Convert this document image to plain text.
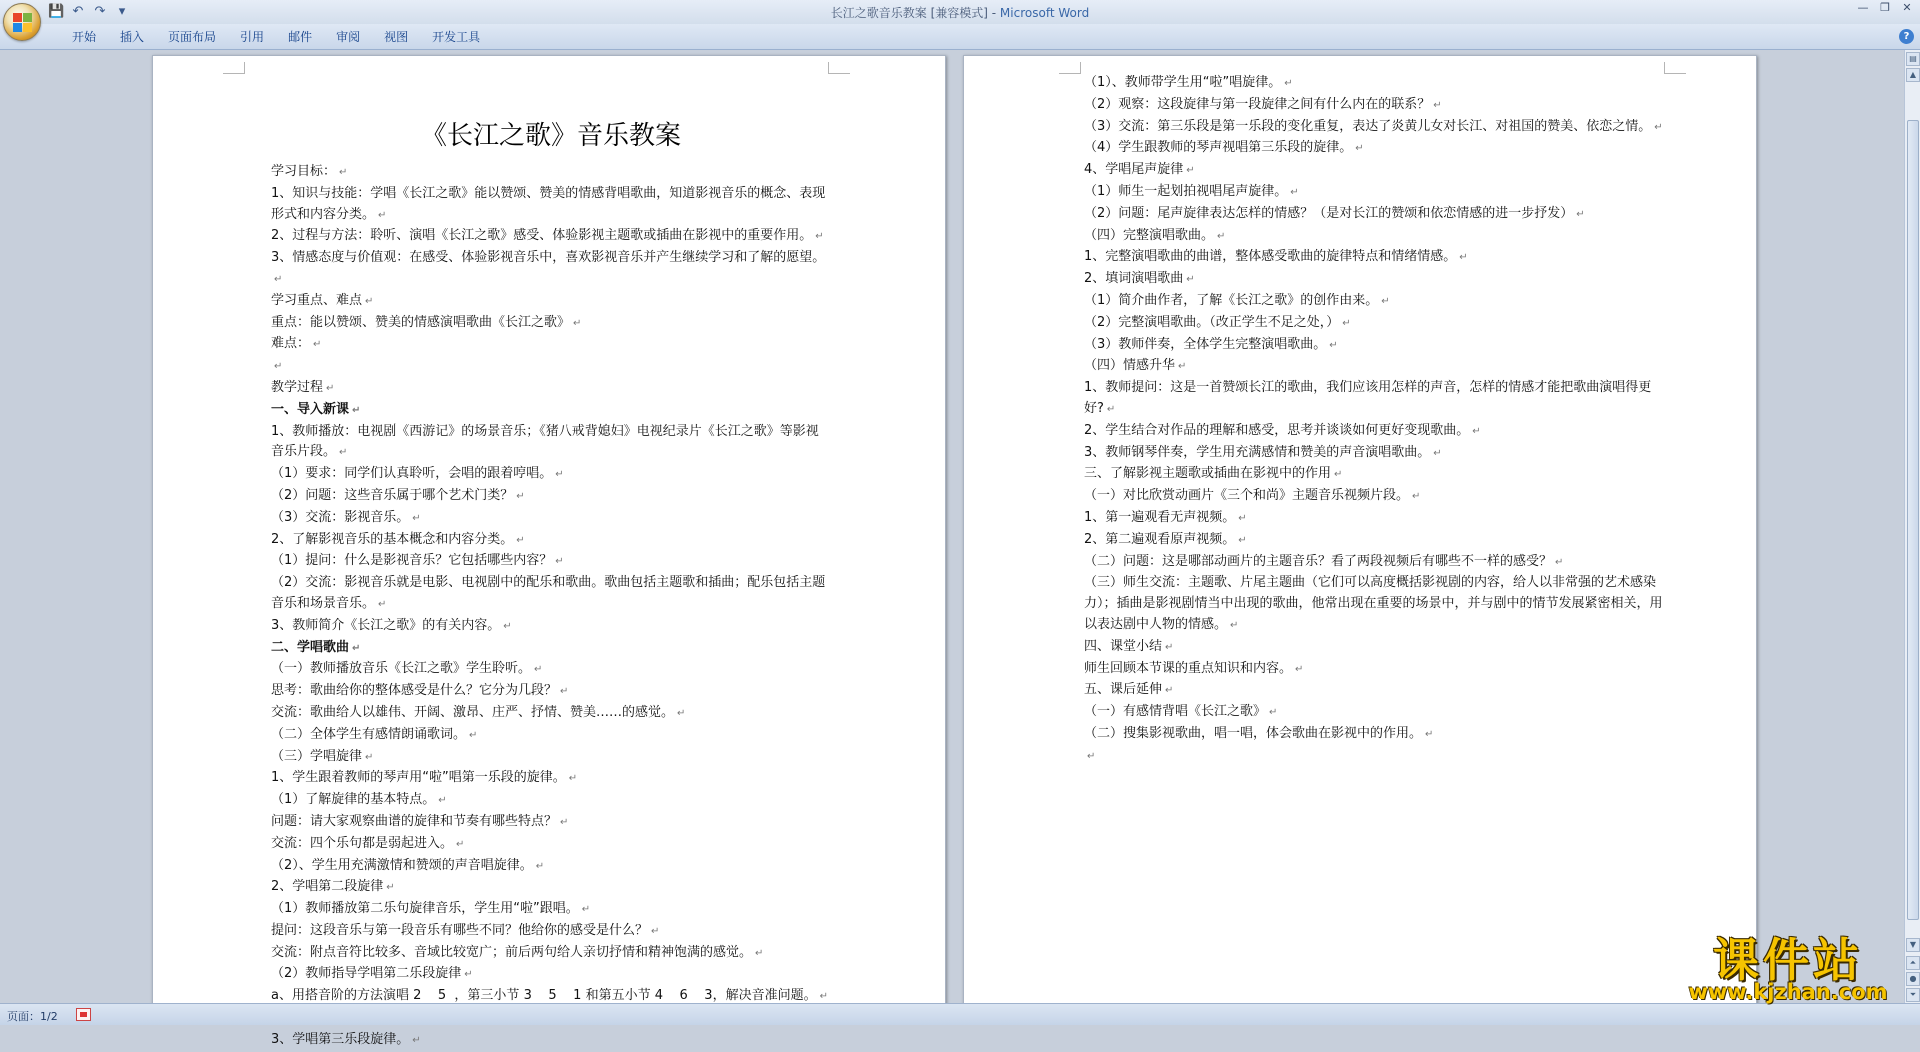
💾 ↶ ↷	▾	长江之歌音乐教案 [兼容模式] - Microsoft Word	—	❐	✕
开始	插入	页面布局	引用	邮件	审阅	视图	开发工具	?
《长江之歌》音乐教案
学习目标： ↵
1、知识与技能：学唱《长江之歌》能以赞颂、赞美的情感背唱歌曲，知道影视音乐的概念、表现形式和内容分类。 ↵
2、过程与方法：聆听、演唱《长江之歌》感受、体验影视主题歌或插曲在影视中的重要作用。 ↵
3、情感态度与价值观：在感受、体验影视音乐中，喜欢影视音乐并产生继续学习和了解的愿望。↵
学习重点、难点 ↵
重点：能以赞颂、赞美的情感演唱歌曲《长江之歌》 ↵
难点： ↵
↵
教学过程 ↵
一、导入新课 ↵
1、教师播放：电视剧《西游记》的场景音乐；《猪八戒背媳妇》电视纪录片《长江之歌》等影视音乐片段。 ↵
（1）要求：同学们认真聆听，会唱的跟着哼唱。 ↵
（2）问题：这些音乐属于哪个艺术门类？ ↵
（3）交流：影视音乐。 ↵
2、了解影视音乐的基本概念和内容分类。 ↵
（1）提问：什么是影视音乐？它包括哪些内容？ ↵
（2）交流：影视音乐就是电影、电视剧中的配乐和歌曲。歌曲包括主题歌和插曲；配乐包括主题音乐和场景音乐。 ↵
3、教师简介《长江之歌》的有关内容。 ↵
二、学唱歌曲 ↵
（一）教师播放音乐《长江之歌》学生聆听。 ↵
思考：歌曲给你的整体感受是什么？它分为几段？ ↵
交流：歌曲给人以雄伟、开阔、激昂、庄严、抒情、赞美……的感觉。 ↵
（二）全体学生有感情朗诵歌词。 ↵
（三）学唱旋律 ↵
1、学生跟着教师的琴声用“啦”唱第一乐段的旋律。 ↵
（1）了解旋律的基本特点。 ↵
问题：请大家观察曲谱的旋律和节奏有哪些特点？ ↵
交流：四个乐句都是弱起进入。 ↵
（2）、学生用充满激情和赞颂的声音唱旋律。 ↵
2、学唱第二段旋律 ↵
（1）教师播放第二乐句旋律音乐，学生用“啦”跟唱。 ↵
提问：这段音乐与第一段音乐有哪些不同？他给你的感受是什么？ ↵
交流：附点音符比较多、音域比较宽广；前后两句给人亲切抒情和精神饱满的感觉。 ↵
（2）教师指导学唱第二乐段旋律 ↵
a、用搭音阶的方法演唱 2    5  ，第三小节 3    5    1 和第五小节 4    6    3，解决音准问题。 ↵
3、学唱第三乐段旋律。 ↵
（1）、教师带学生用“啦”唱旋律。 ↵
（2）观察：这段旋律与第一段旋律之间有什么内在的联系？ ↵
（3）交流：第三乐段是第一乐段的变化重复，表达了炎黄儿女对长江、对祖国的赞美、依恋之情。 ↵
（4）学生跟教师的琴声视唱第三乐段的旋律。 ↵
4、学唱尾声旋律 ↵
（1）师生一起划拍视唱尾声旋律。 ↵
（2）问题：尾声旋律表达怎样的情感？（是对长江的赞颂和依恋情感的进一步抒发） ↵
（四）完整演唱歌曲。 ↵
1、完整演唱歌曲的曲谱，整体感受歌曲的旋律特点和情绪情感。 ↵
2、填词演唱歌曲 ↵
（1）简介曲作者，了解《长江之歌》的创作由来。 ↵
（2）完整演唱歌曲。（改正学生不足之处，） ↵
（3）教师伴奏，全体学生完整演唱歌曲。 ↵
（四）情感升华 ↵
1、教师提问：这是一首赞颂长江的歌曲，我们应该用怎样的声音，怎样的情感才能把歌曲演唱得更好? ↵
2、学生结合对作品的理解和感受，思考并谈谈如何更好变现歌曲。 ↵
3、教师钢琴伴奏，学生用充满感情和赞美的声音演唱歌曲。 ↵
三、了解影视主题歌或插曲在影视中的作用 ↵
（一）对比欣赏动画片《三个和尚》主题音乐视频片段。 ↵
1、第一遍观看无声视频。 ↵
2、第二遍观看原声视频。 ↵
（二）问题：这是哪部动画片的主题音乐？看了两段视频后有哪些不一样的感受？ ↵
（三）师生交流：主题歌、片尾主题曲（它们可以高度概括影视剧的内容，给人以非常强的艺术感染力）；插曲是影视剧情当中出现的歌曲，他常出现在重要的场景中，并与剧中的情节发展紧密相关，用以表达剧中人物的情感。 ↵
四、课堂小结 ↵
师生回顾本节课的重点知识和内容。 ↵
五、课后延伸 ↵
（一）有感情背唱《长江之歌》 ↵
（二）搜集影视歌曲，唱一唱，体会歌曲在影视中的作用。 ↵
↵
▤
▲
▼
⏶
●
⏷
页面：1/2
课件站
www.kjzhan.com
